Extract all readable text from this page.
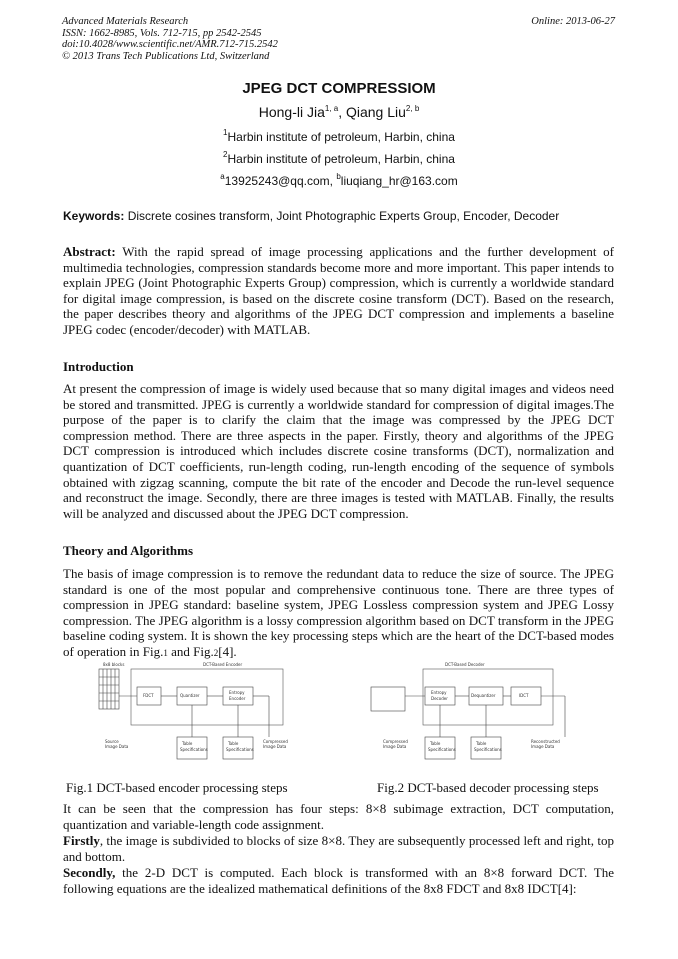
Advanced Materials Research
ISSN: 1662-8985, Vols. 712-715, pp 2542-2545
doi:10.4028/www.scientific.net/AMR.712-715.2542
© 2013 Trans Tech Publications Ltd, Switzerland
Online: 2013-06-27
JPEG DCT COMPRESSIOM
Hong-li Jia$^{1, a}$, Qiang Liu$^{2, b}$
$^1$Harbin institute of petroleum, Harbin, china
$^2$Harbin institute of petroleum, Harbin, china
$^a$13925243@qq.com, $^b$liuqiang_hr@163.com
Keywords: Discrete cosines transform, Joint Photographic Experts Group, Encoder, Decoder

Abstract: With the rapid spread of image processing applications and the further development of multimedia technologies, compression standards become more and more important. This paper intends to explain JPEG (Joint Photographic Experts Group) compression, which is currently a worldwide standard for digital image compression, is based on the discrete cosine transform (DCT). Based on the research, the paper describes theory and algorithms of the JPEG DCT compression and implements a baseline JPEG codec (encoder/decoder) with MATLAB.

Introduction

At present the compression of image is widely used because that so many digital images and videos need be stored and transmitted. JPEG is currently a worldwide standard for compression of digital images.The purpose of the paper is to clarify the claim that the image was compressed by the JPEG DCT compression method. There are three aspects in the paper. Firstly, theory and algorithms of the JPEG DCT compression is introduced which includes discrete cosine transforms (DCT), normalization and quantization of DCT coefficients, run-length coding, run-length encoding of the sequence of symbols obtained with zigzag scanning, compute the bit rate of the encoder and Decode the run-level sequence and reconstruct the image. Secondly, there are three images is tested with MATLAB. Finally, the results will be analyzed and discussed about the JPEG DCT compression.

Theory and Algorithms

The basis of image compression is to remove the redundant data to reduce the size of source. The JPEG standard is one of the most popular and comprehensive continuous tone. There are three types of compression in JPEG standard: baseline system, JPEG Lossless compression system and JPEG Lossy compression. The JPEG algorithm is a lossy compression algorithm based on DCT transform in the JPEG baseline coding system. It is shown the key processing steps which are the heart of the DCT-based modes of operation in Fig.1 and Fig.2[4].

8x8 blocks	DCT-Based Encoder
FDCT	Quantizer
Entropy
Encoder
Source
Image Data
Table
Specifications
Table
Specifications
Compressed
Image Data
DCT-Based Decoder
Entropy
Decoder
Dequantizer	IDCT
Compressed
Image Data
Table
Specifications
Table
Specifications
Reconstructed
Image Data
Fig.1 DCT-based encoder processing steps	Fig.2 DCT-based decoder processing steps

It can be seen that the compression has four steps: 8×8 subimage extraction, DCT computation, quantization and variable-length code assignment.

Firstly, the image is subdivided to blocks of size 8×8. They are subsequently processed left and right, top and bottom.

Secondly, the 2-D DCT is computed. Each block is transformed with an 8×8 forward DCT. The following equations are the idealized mathematical definitions of the 8x8 FDCT and 8x8 IDCT[4]:
